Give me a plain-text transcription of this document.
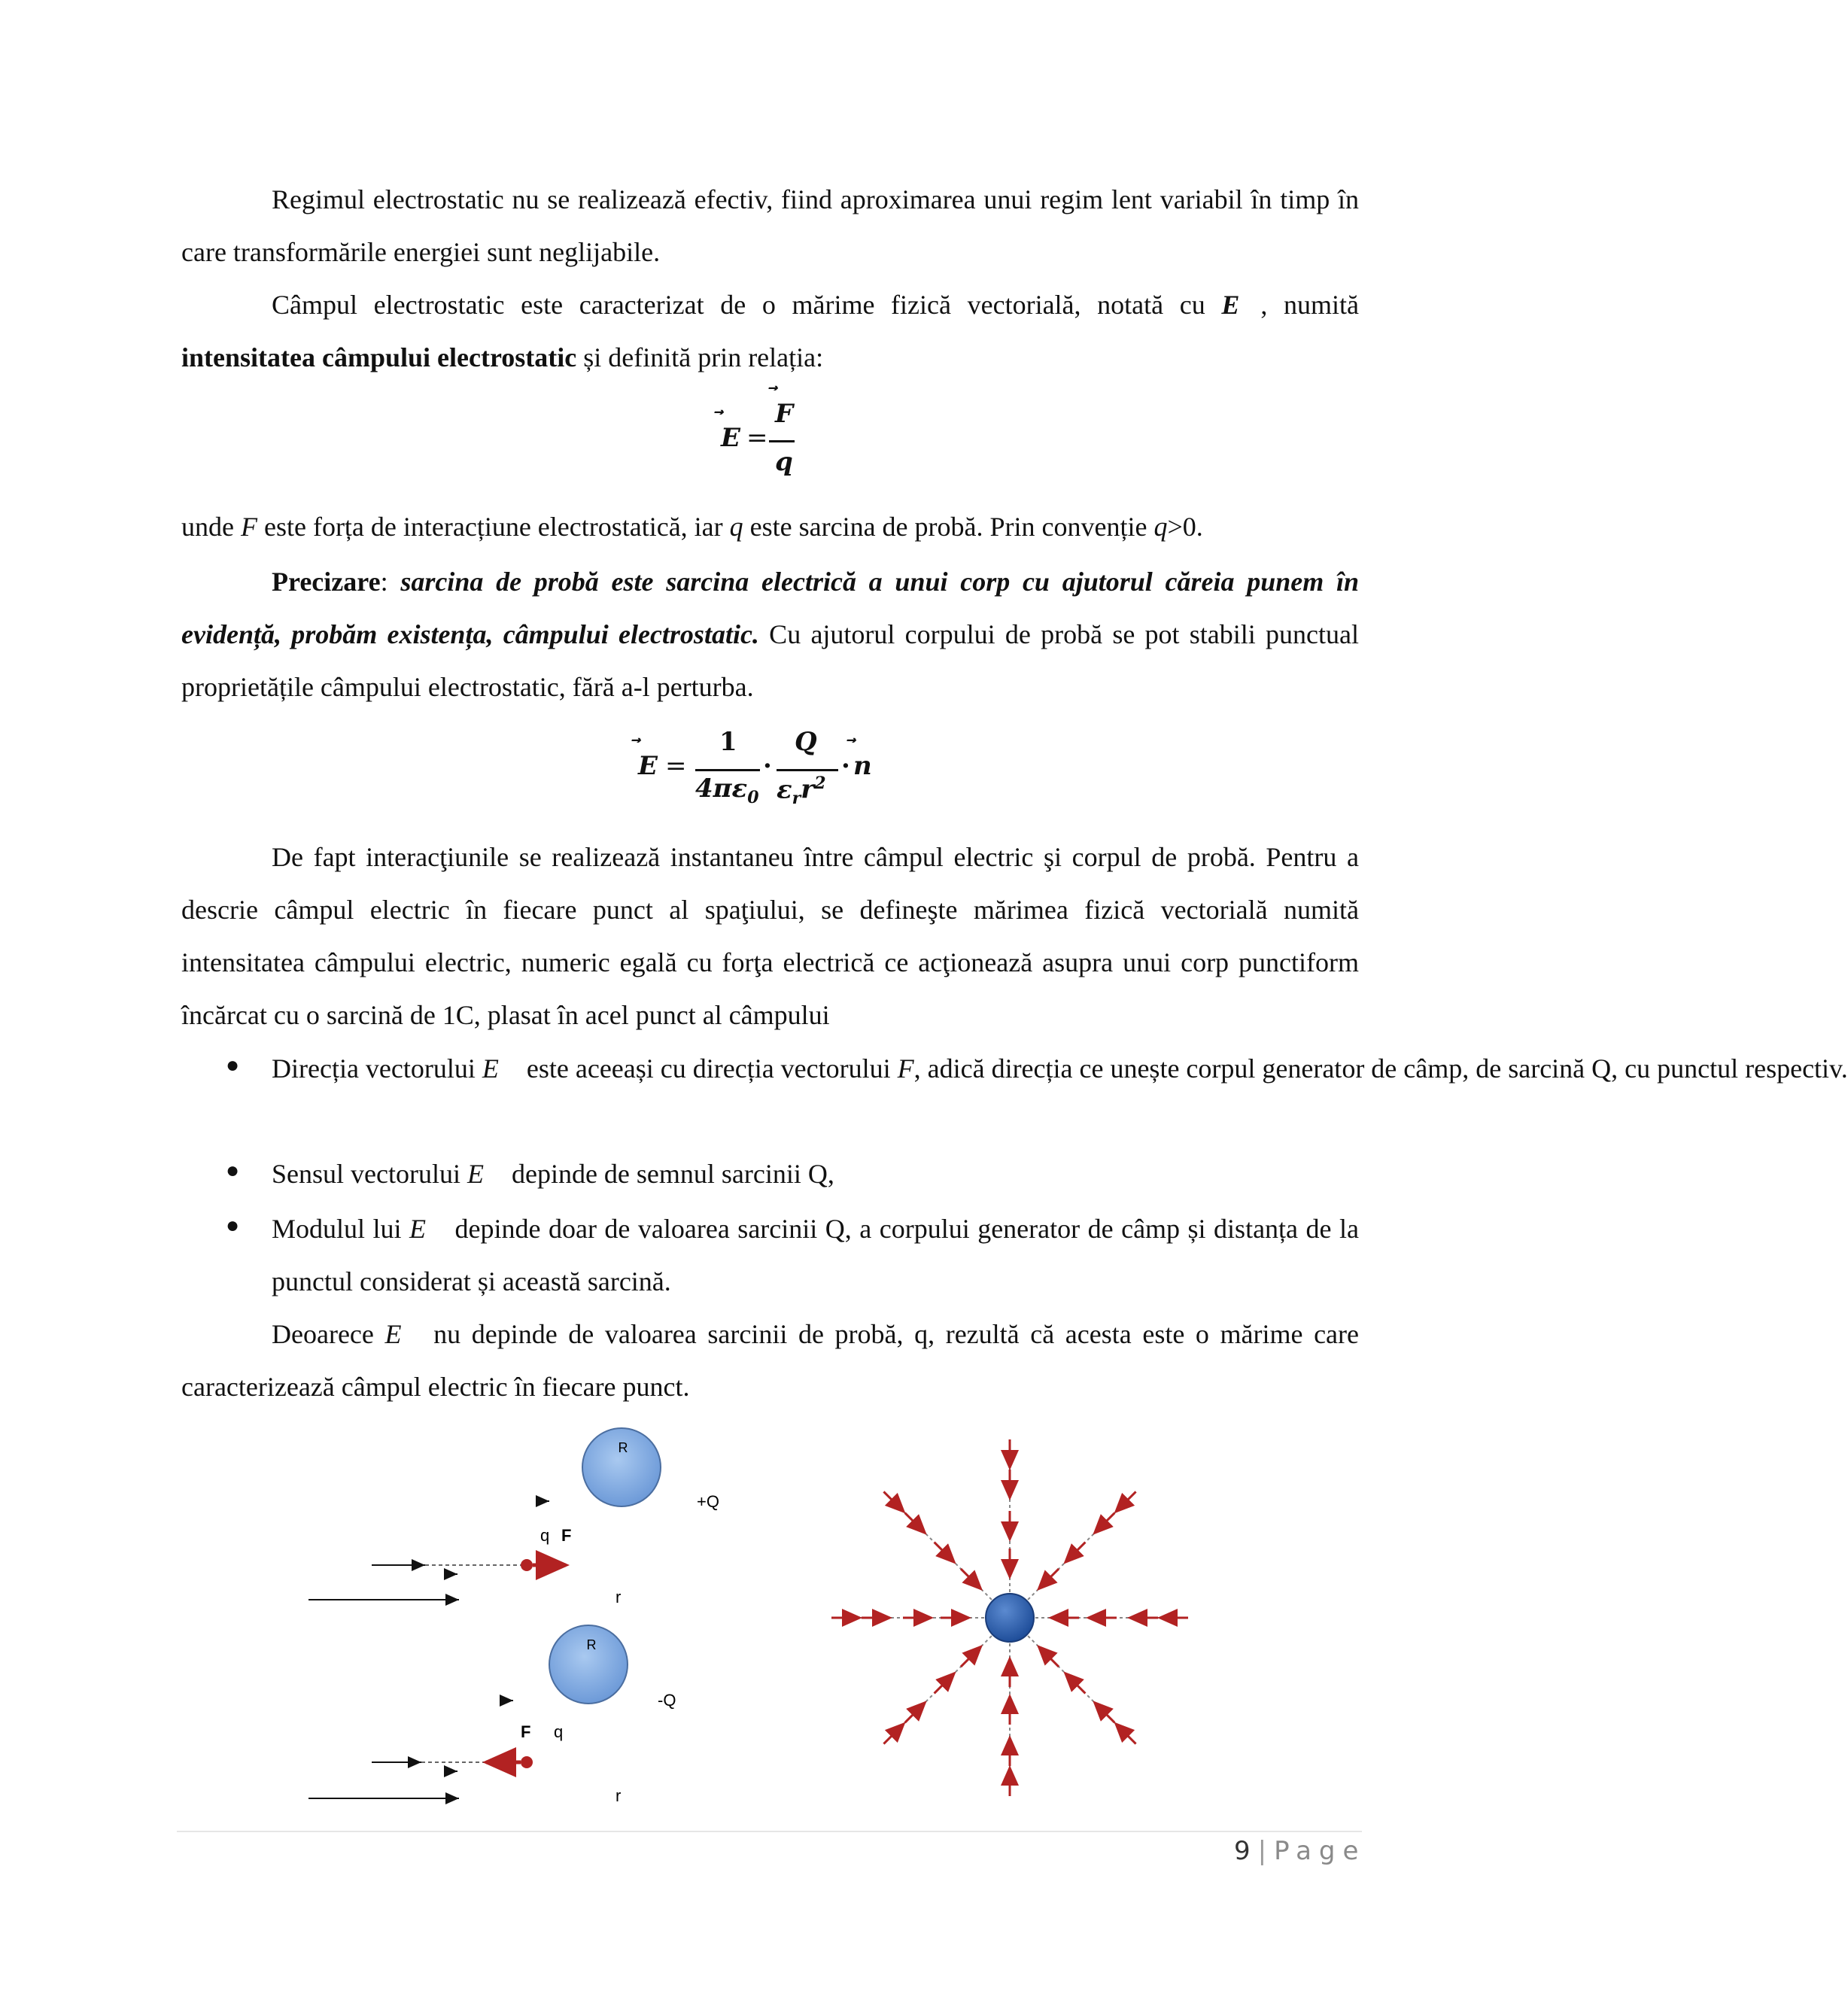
Regimul electrostatic nu se realizează efectiv, fiind aproximarea unui regim lent variabil în timp în care transformările energiei sunt neglijabile.

Câmpul electrostatic este caracterizat de o mărime fizică vectorială, notată cu E ⃗, numită intensitatea câmpului electrostatic și definită prin relația:

E =
F
q
unde F este forța de interacțiune electrostatică, iar q este sarcina de probă. Prin convenție q>0.

Precizare: sarcina de probă este sarcina electrică a unui corp cu ajutorul căreia punem în evidență, probăm existența, câmpului electrostatic. Cu ajutorul corpului de probă se pot stabili punctual proprietățile câmpului electrostatic, fără a-l perturba.

E =
1
$4\pi\varepsilon_0$
·
Q
$\varepsilon_rr^2$
· n

De fapt interacţiunile se realizează instantaneu între câmpul electric şi corpul de probă. Pentru a descrie câmpul electric în fiecare punct al spaţiului, se defineşte mărimea fizică vectorială numită intensitatea câmpului electric, numeric egală cu forţa electrică ce acţionează asupra unui corp punctiform încărcat cu o sarcină de 1C, plasat în acel punct al câmpului

● Direcția vectorului E ⃗ este aceeași cu direcția vectorului F, adică direcția ce unește corpul generator de câmp, de sarcină Q, cu punctul respectiv.
● Sensul vectorului E ⃗ depinde de semnul sarcinii Q,
● Modulul lui E ⃗ depinde doar de valoarea sarcinii Q, a corpului generator de câmp și distanța de la punctul considerat și această sarcină.

Deoarece E ⃗ nu depinde de valoarea sarcinii de probă, q, rezultă că acesta este o mărime care caracterizează câmpul electric în fiecare punct.

R
+Q
q F
r
R
-Q
F q
r
9 | Page
